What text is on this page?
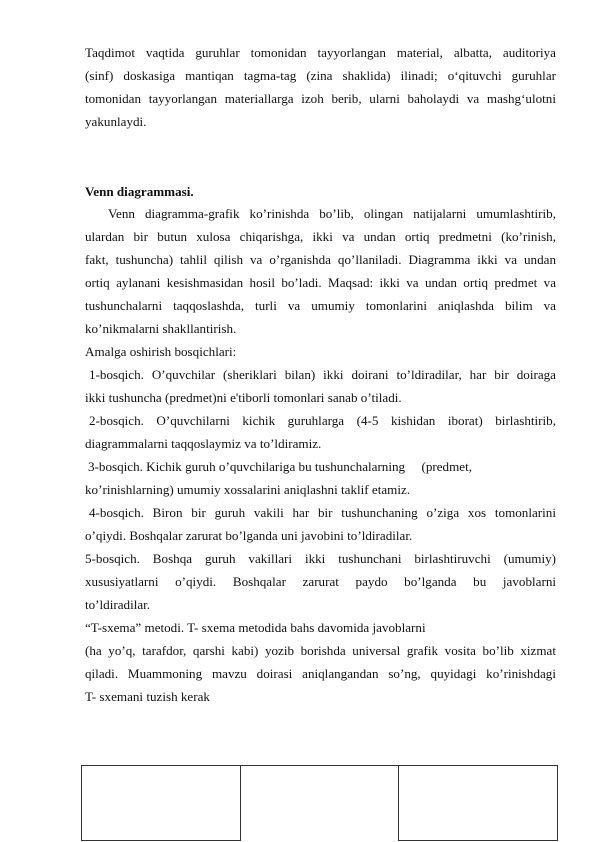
Taqdimot vaqtida guruhlar tomonidan tayyorlangan material, albatta, auditoriya
(sinf) doskasiga mantiqan tagma-tag (zina shaklida) ilinadi; o‘qituvchi guruhlar
tomonidan tayyorlangan materiallarga izoh berib, ularni baholaydi va mashg‘ulotni
yakunlaydi.
Venn diagrammasi.
Venn diagramma-grafik ko’rinishda bo’lib, olingan natijalarni umumlashtirib,
ulardan bir butun xulosa chiqarishga, ikki va undan ortiq predmetni (ko’rinish,
fakt, tushuncha) tahlil qilish va o’rganishda qo’llaniladi. Diagramma ikki va undan
ortiq aylanani kesishmasidan hosil bo’ladi. Maqsad: ikki va undan ortiq predmet va
tushunchalarni taqqoslashda, turli va umumiy tomonlarini aniqlashda bilim va
ko’nikmalarni shakllantirish.
Amalga oshirish bosqichlari:
1-bosqich. O’quvchilar (sheriklari bilan) ikki doirani to’ldiradilar, har bir doiraga
ikki tushuncha (predmet)ni e'tiborli tomonlari sanab o’tiladi.
2-bosqich. O’quvchilarni kichik guruhlarga (4-5 kishidan iborat) birlashtirib,
diagrammalarni taqqoslaymiz va to’ldiramiz.
3-bosqich. Kichik guruh o’quvchilariga bu tushunchalarning     (predmet,
ko’rinishlarning) umumiy xossalarini aniqlashni taklif etamiz.
4-bosqich. Biron bir guruh vakili har bir tushunchaning o’ziga xos tomonlarini
o’qiydi. Boshqalar zarurat bo’lganda uni javobini to’ldiradilar.
5-bosqich. Boshqa guruh vakillari ikki tushunchani birlashtiruvchi (umumiy)
xususiyatlarni o’qiydi. Boshqalar zarurat paydo bo’lganda bu javoblarni
to’ldiradilar.
“T-sxema” metodi. T- sxema metodida bahs davomida javoblarni
(ha yo’q, tarafdor, qarshi kabi) yozib borishda universal grafik vosita bo’lib xizmat
qiladi. Muammoning mavzu doirasi aniqlangandan so’ng, quyidagi ko’rinishdagi
T- sxemani tuzish kerak
